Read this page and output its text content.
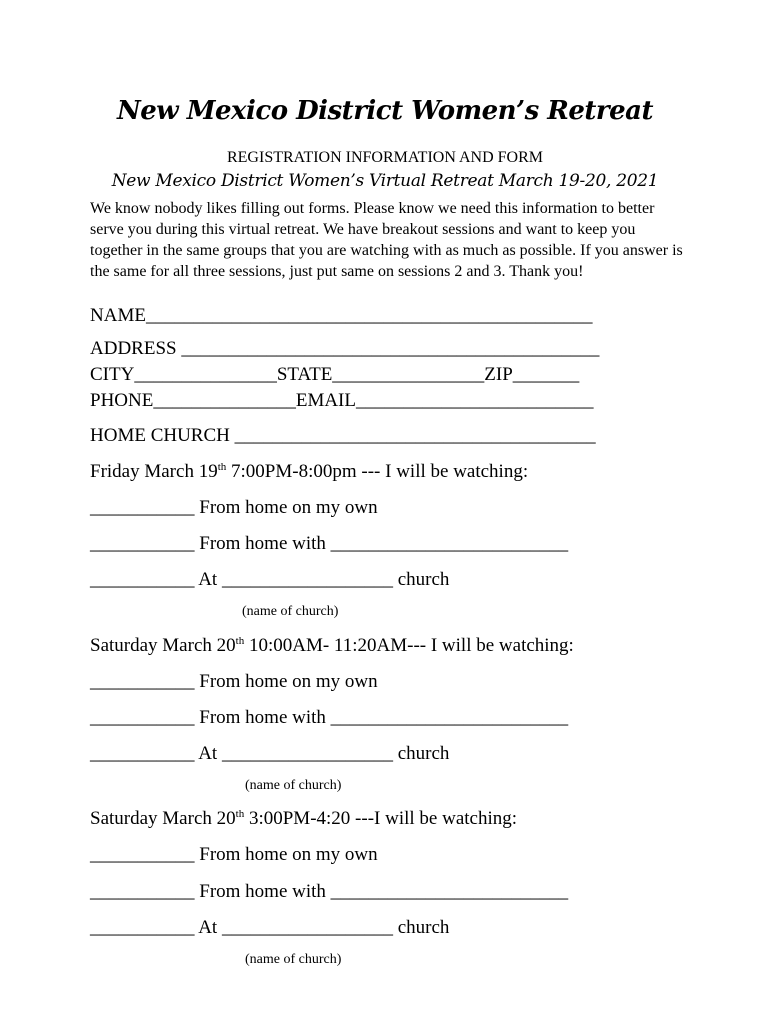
New Mexico District Women’s Retreat
REGISTRATION INFORMATION AND FORM
New Mexico District Women’s Virtual Retreat March 19-20, 2021
We know nobody likes filling out forms. Please know we need this information to better serve you during this virtual retreat. We have breakout sessions and want to keep you together in the same groups that you are watching with as much as possible. If you answer is the same for all three sessions, just put same on sessions 2 and 3. Thank you!
NAME_______________________________________________
ADDRESS ____________________________________________
CITY_______________STATE________________ZIP_______
PHONE_______________EMAIL_________________________
HOME CHURCH ______________________________________
Friday March 19th 7:00PM-8:00pm --- I will be watching:
___________ From home on my own
___________ From home with _________________________
___________ At __________________ church
(name of church)
Saturday March 20th 10:00AM- 11:20AM--- I will be watching:
___________ From home on my own
___________ From home with _________________________
___________ At __________________ church
(name of church)
Saturday March 20th 3:00PM-4:20 ---I will be watching:
___________ From home on my own
___________ From home with _________________________
___________ At __________________ church
(name of church)
